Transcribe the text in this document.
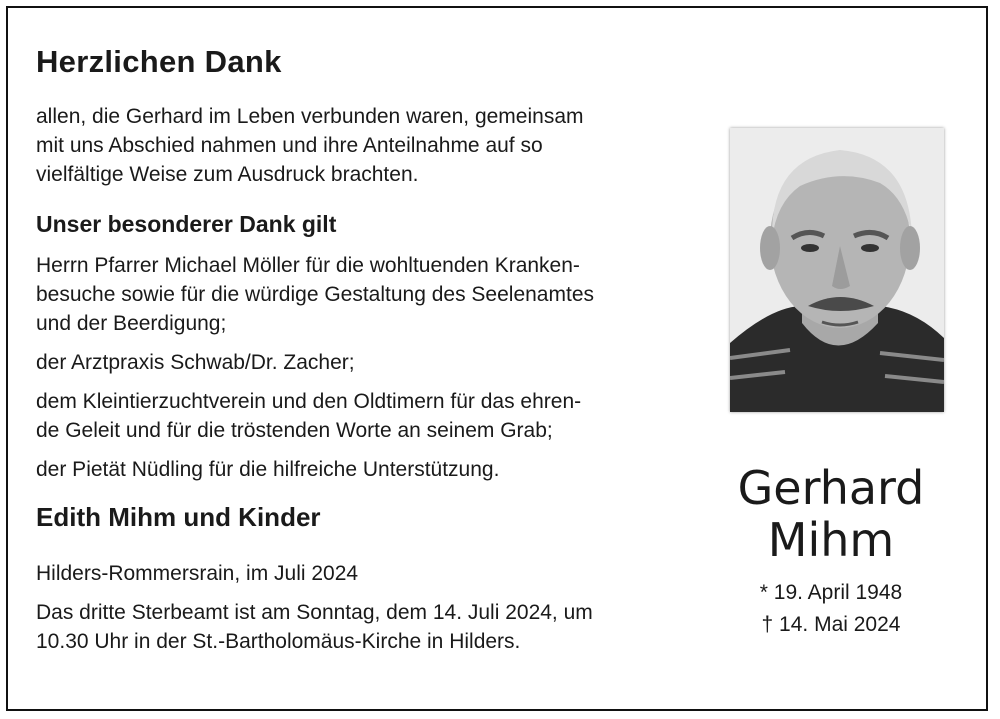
Herzlichen Dank
allen, die Gerhard im Leben verbunden waren, gemeinsam
mit uns Abschied nahmen und ihre Anteilnahme auf so
vielfältige Weise zum Ausdruck brachten.
Unser besonderer Dank gilt
Herrn Pfarrer Michael Möller für die wohltuenden Kranken-
besuche sowie für die würdige Gestaltung des Seelenamtes
und der Beerdigung;
der Arztpraxis Schwab/Dr. Zacher;
dem Kleintierzuchtverein und den Oldtimern für das ehren-
de Geleit und für die tröstenden Worte an seinem Grab;
der Pietät Nüdling für die hilfreiche Unterstützung.
Edith Mihm und Kinder
Hilders-Rommersrain, im Juli 2024
Das dritte Sterbeamt ist am Sonntag, dem 14. Juli 2024, um
10.30 Uhr in der St.-Bartholomäus-Kirche in Hilders.
Gerhard
Mihm
* 19. April 1948
† 14. Mai 2024
